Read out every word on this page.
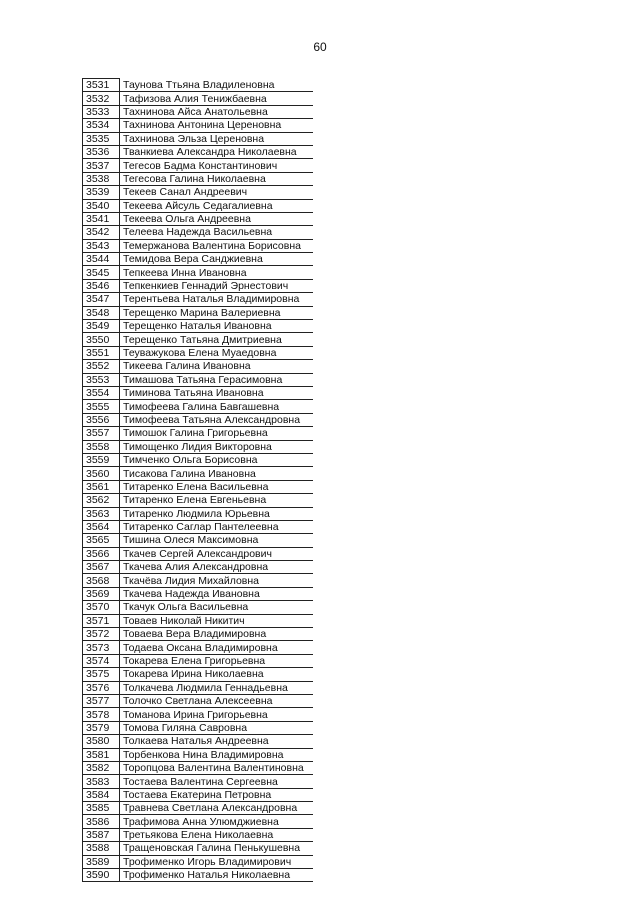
60
3531	Таунова Ттьяна Владиленовна
3532	Тафизова Алия Тенижбаевна
3533	Тахнинова Айса Анатольевна
3534	Тахнинова Антонина Цереновна
3535	Тахнинова Эльза Цереновна
3536	Тванкиева Александра Николаевна
3537	Тегесов Бадма Константинович
3538	Тегесова Галина Николаевна
3539	Текеев Санал Андреевич
3540	Текеева Айсуль Седагалиевна
3541	Текеева Ольга Андреевна
3542	Телеева Надежда Васильевна
3543	Темержанова Валентина Борисовна
3544	Темидова Вера Санджиевна
3545	Тепкеева Инна Ивановна
3546	Тепкенкиев Геннадий Эрнестович
3547	Терентьева Наталья Владимировна
3548	Терещенко Марина Валериевна
3549	Терещенко Наталья Ивановна
3550	Терещенко Татьяна Дмитриевна
3551	Теуважукова Елена Муаедовна
3552	Тикеева Галина Ивановна
3553	Тимашова Татьяна Герасимовна
3554	Тиминова Татьяна Ивановна
3555	Тимофеева Галина Бавгашевна
3556	Тимофеева Татьяна Александровна
3557	Тимошок Галина Григорьевна
3558	Тимощенко Лидия Викторовна
3559	Тимченко Ольга Борисовна
3560	Тисакова Галина Ивановна
3561	Титаренко Елена Васильевна
3562	Титаренко Елена Евгеньевна
3563	Титаренко Людмила Юрьевна
3564	Титаренко Саглар Пантелеевна
3565	Тишина Олеся Максимовна
3566	Ткачев Сергей Александрович
3567	Ткачева Алия Александровна
3568	Ткачёва Лидия Михайловна
3569	Ткачева Надежда Ивановна
3570	Ткачук Ольга Васильевна
3571	Товаев Николай Никитич
3572	Товаева Вера Владимировна
3573	Тодаева Оксана Владимировна
3574	Токарева Елена Григорьевна
3575	Токарева Ирина Николаевна
3576	Толкачева Людмила Геннадьевна
3577	Толочко Светлана Алексеевна
3578	Томанова Ирина Григорьевна
3579	Томова Гиляна Савровна
3580	Толкаева Наталья Андреевна
3581	Торбенкова Нина Владимировна
3582	Торопцова Валентина Валентиновна
3583	Тостаева Валентина Сергеевна
3584	Тостаева Екатерина Петровна
3585	Травнева Светлана Александровна
3586	Трафимова Анна Улюмджиевна
3587	Третьякова Елена Николаевна
3588	Тращеновская Галина Пенькушевна
3589	Трофименко Игорь Владимирович
3590	Трофименко Наталья Николаевна
